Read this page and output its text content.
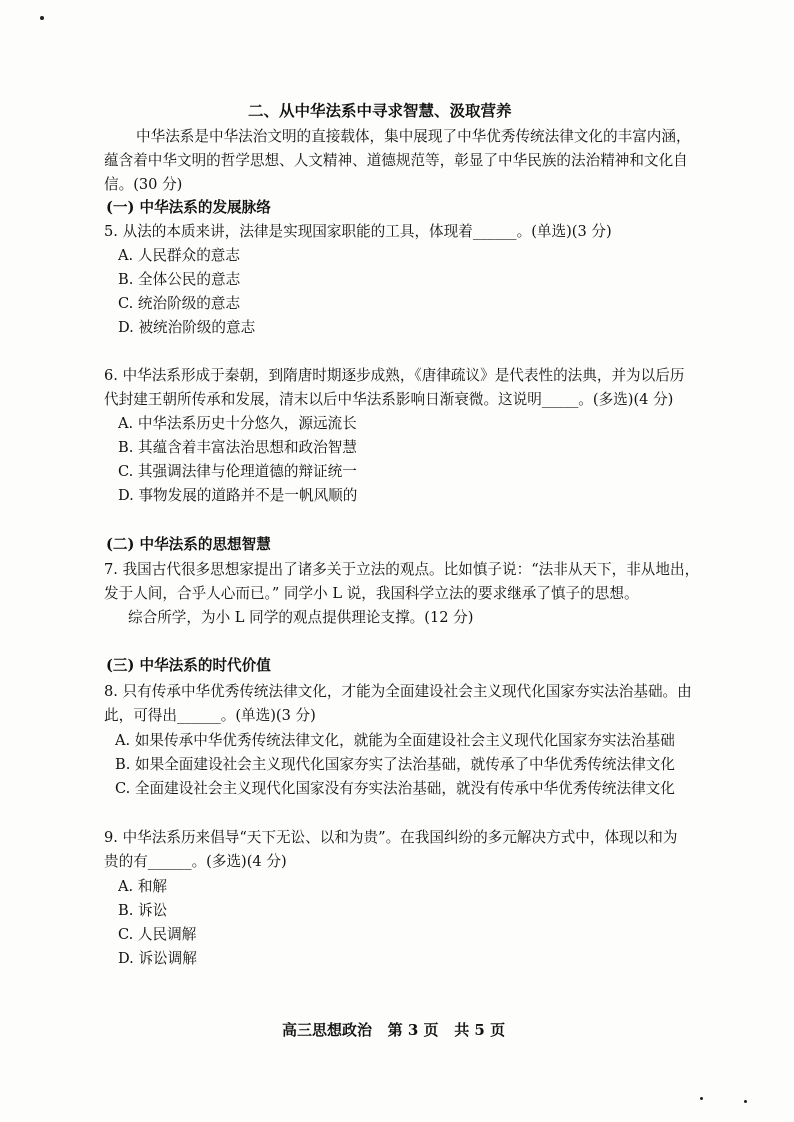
二、从中华法系中寻求智慧、汲取营养
中华法系是中华法治文明的直接载体，集中展现了中华优秀传统法律文化的丰富内涵，
蕴含着中华文明的哲学思想、人文精神、道德规范等，彰显了中华民族的法治精神和文化自
信。(30 分)
(一) 中华法系的发展脉络
5. 从法的本质来讲，法律是实现国家职能的工具，体现着______。(单选)(3 分)
A. 人民群众的意志
B. 全体公民的意志
C. 统治阶级的意志
D. 被统治阶级的意志
6. 中华法系形成于秦朝，到隋唐时期逐步成熟，《唐律疏议》是代表性的法典，并为以后历
代封建王朝所传承和发展，清末以后中华法系影响日渐衰微。这说明_____。(多选)(4 分)
A. 中华法系历史十分悠久，源远流长
B. 其蕴含着丰富法治思想和政治智慧
C. 其强调法律与伦理道德的辩证统一
D. 事物发展的道路并不是一帆风顺的
(二) 中华法系的思想智慧
7. 我国古代很多思想家提出了诸多关于立法的观点。比如慎子说：“法非从天下，非从地出，
发于人间，合乎人心而已。” 同学小 L 说，我国科学立法的要求继承了慎子的思想。
综合所学，为小 L 同学的观点提供理论支撑。(12 分)
(三) 中华法系的时代价值
8. 只有传承中华优秀传统法律文化，才能为全面建设社会主义现代化国家夯实法治基础。由
此，可得出______。(单选)(3 分)
A. 如果传承中华优秀传统法律文化，就能为全面建设社会主义现代化国家夯实法治基础
B. 如果全面建设社会主义现代化国家夯实了法治基础，就传承了中华优秀传统法律文化
C. 全面建设社会主义现代化国家没有夯实法治基础，就没有传承中华优秀传统法律文化
9. 中华法系历来倡导“天下无讼、以和为贵”。在我国纠纷的多元解决方式中，体现以和为
贵的有______。(多选)(4 分)
A. 和解
B. 诉讼
C. 人民调解
D. 诉讼调解
高三思想政治   第 3 页   共 5 页
